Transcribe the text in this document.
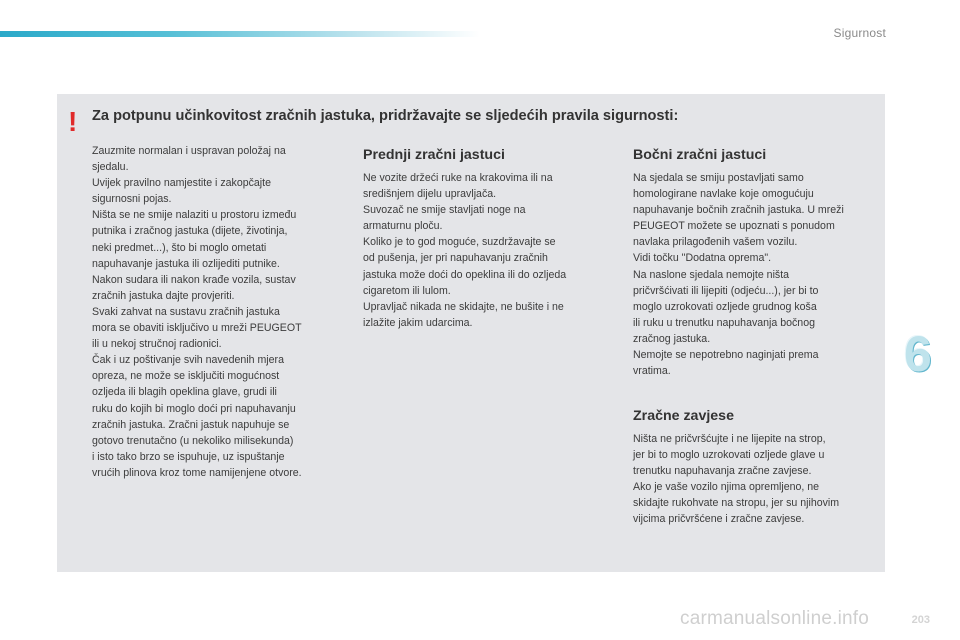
Sigurnost
! Za potpunu učinkovitost zračnih jastuka, pridržavajte se sljedećih pravila sigurnosti:

Zauzmite normalan i uspravan položaj na

sjedalu.

Uvijek pravilno namjestite i zakopčajte

sigurnosni pojas.

Ništa se ne smije nalaziti u prostoru između

putnika i zračnog jastuka (dijete, životinja,

neki predmet...), što bi moglo ometati

napuhavanje jastuka ili ozlijediti putnike.

Nakon sudara ili nakon krađe vozila, sustav

zračnih jastuka dajte provjeriti.

Svaki zahvat na sustavu zračnih jastuka

mora se obaviti isključivo u mreži PEUGEOT

ili u nekoj stručnoj radionici.

Čak i uz poštivanje svih navedenih mjera

opreza, ne može se isključiti mogućnost

ozljeda ili blagih opeklina glave, grudi ili

ruku do kojih bi moglo doći pri napuhavanju

zračnih jastuka. Zračni jastuk napuhuje se

gotovo trenutačno (u nekoliko milisekunda)

i isto tako brzo se ispuhuje, uz ispuštanje

vrućih plinova kroz tome namijenjene otvore.

Prednji zračni jastuci

Ne vozite držeći ruke na krakovima ili na

središnjem dijelu upravljača.

Suvozač ne smije stavljati noge na

armaturnu ploču.

Koliko je to god moguće, suzdržavajte se

od pušenja, jer pri napuhavanju zračnih

jastuka može doći do opeklina ili do ozljeda

cigaretom ili lulom.

Upravljač nikada ne skidajte, ne bušite i ne

izlažite jakim udarcima.

Bočni zračni jastuci

Na sjedala se smiju postavljati samo

homologirane navlake koje omogućuju

napuhavanje bočnih zračnih jastuka. U mreži

PEUGEOT možete se upoznati s ponudom

navlaka prilagođenih vašem vozilu.

Vidi točku "Dodatna oprema".

Na naslone sjedala nemojte ništa

pričvršćivati ili lijepiti (odjeću...), jer bi to

moglo uzrokovati ozljede grudnog koša

ili ruku u trenutku napuhavanja bočnog

zračnog jastuka.

Nemojte se nepotrebno naginjati prema

vratima.

Zračne zavjese

Ništa ne pričvršćujte i ne lijepite na strop,

jer bi to moglo uzrokovati ozljede glave u

trenutku napuhavanja zračne zavjese.

Ako je vaše vozilo njima opremljeno, ne

skidajte rukohvate na stropu, jer su njihovim

vijcima pričvršćene i zračne zavjese.

6
203
carmanualsonline.info
